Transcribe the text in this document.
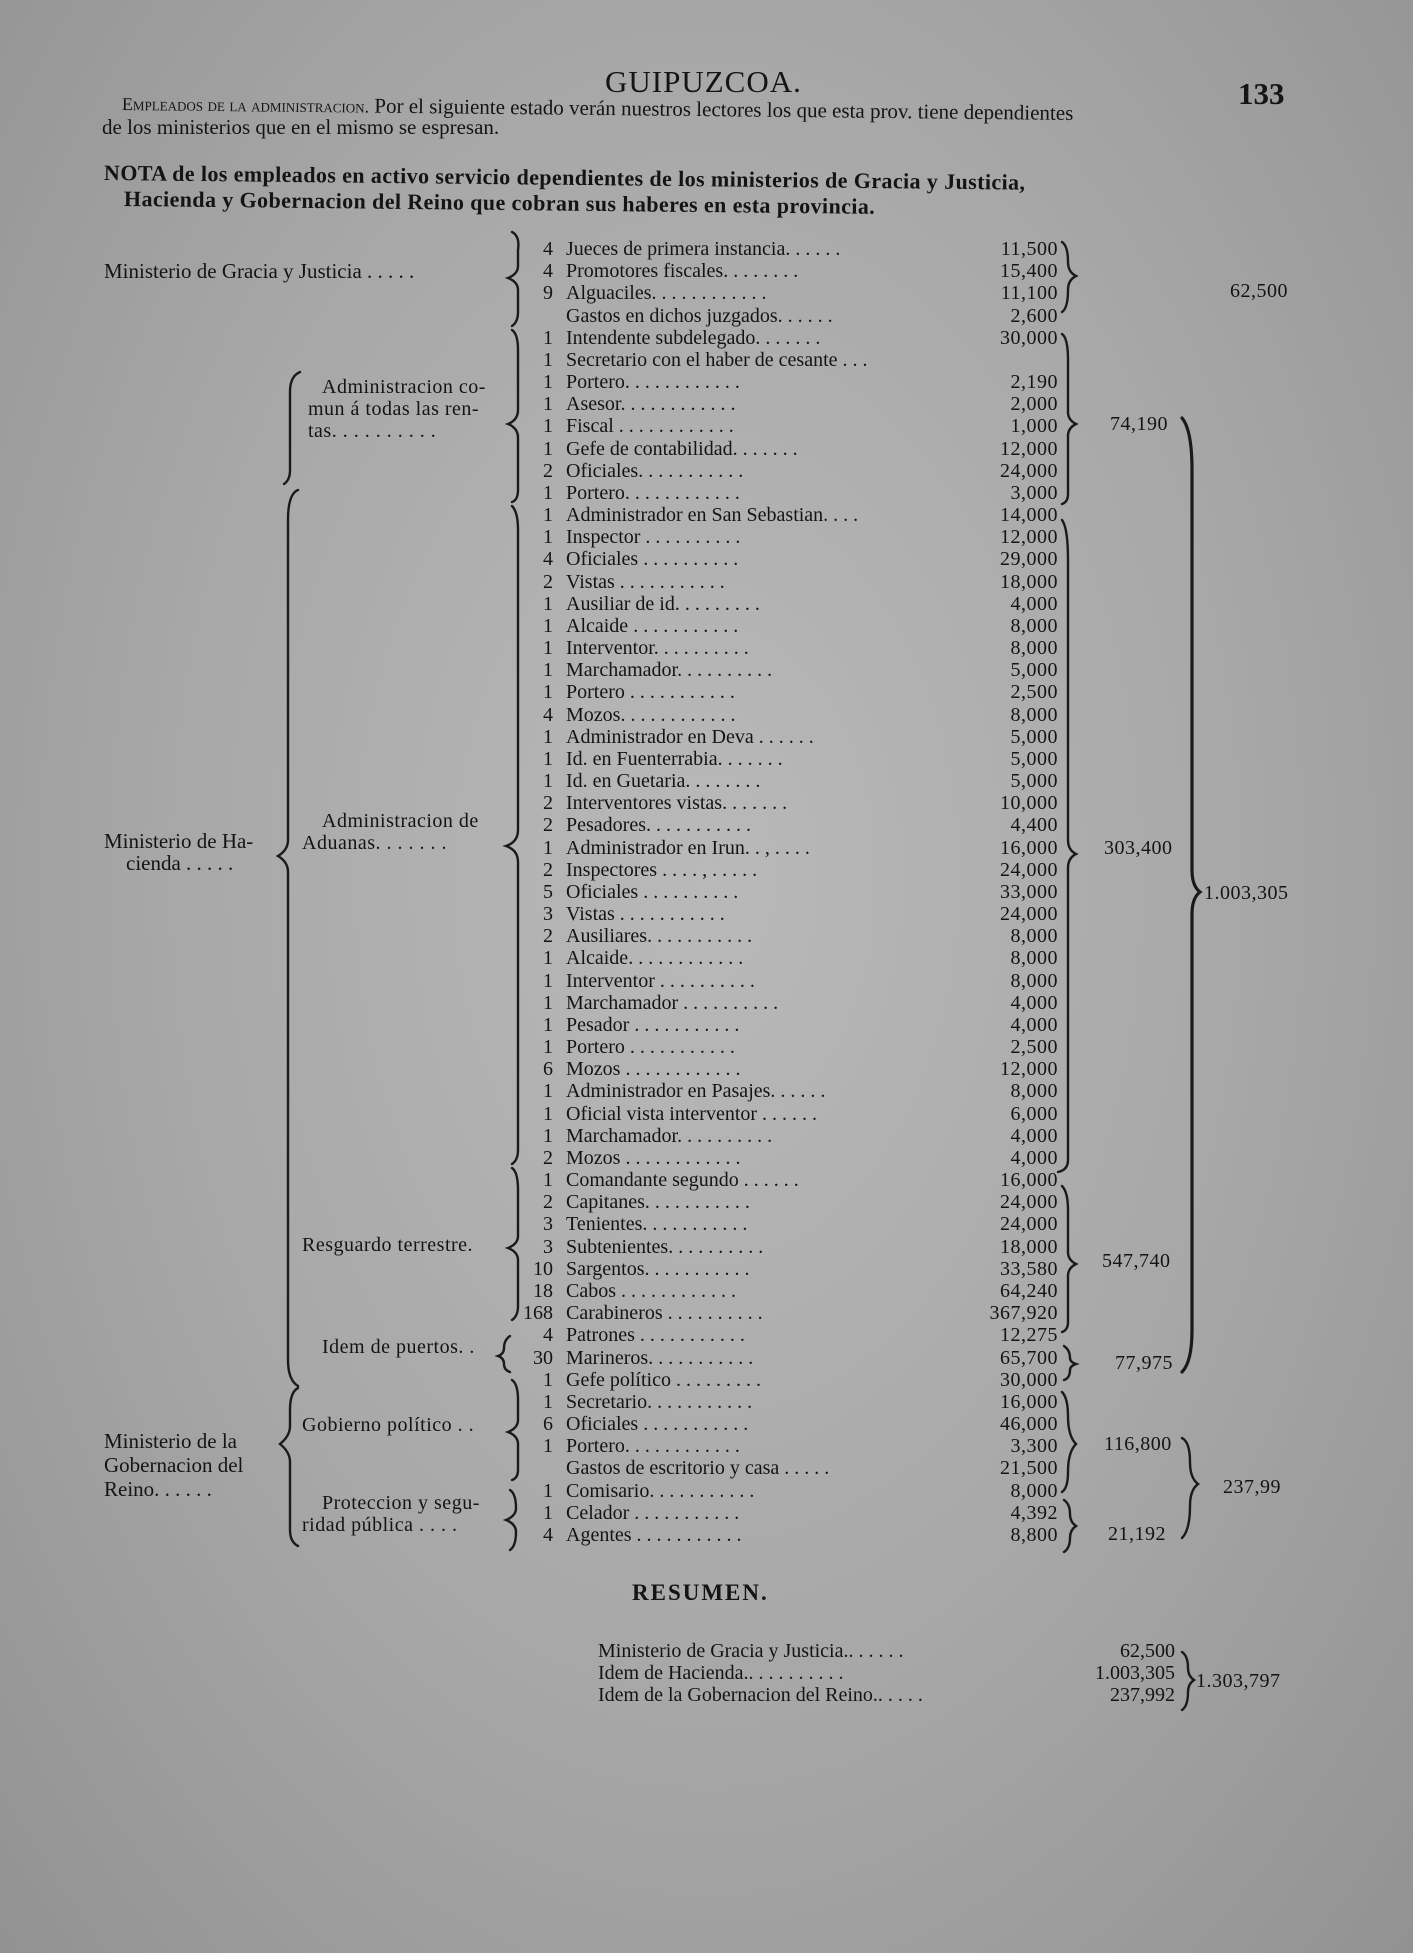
GUIPUZCOA.	133
Empleados de la administracion. Por el siguiente estado verán nuestros lectores los que esta prov. tiene dependientes
de los ministerios que en el mismo se espresan.
NOTA de los empleados en activo servicio dependientes de los ministerios de Gracia y Justicia,
Hacienda y Gobernacion del Reino que cobran sus haberes en esta provincia.
Ministerio de Gracia y Justicia . . . . .
Ministerio de Ha-
cienda . . . . .
Ministerio de la
Gobernacion del
Reino. . . . . .
Administracion co-
mun á todas las ren-
tas. . . . . . . . . .
Administracion de
Aduanas. . . . . . .
Resguardo terrestre.
Idem de puertos. .
Gobierno político . .
Proteccion y segu-
ridad pública . . . .
4 Jueces de primera instancia. . . . . .	11,500
4 Promotores fiscales. . . . . . . .	15,400
9 Alguaciles. . . . . . . . . . . .	11,100
Gastos en dichos juzgados. . . . . .	2,600
1 Intendente subdelegado. . . . . . .	30,000
1 Secretario con el haber de cesante . . .
1 Portero. . . . . . . . . . . .	2,190
1 Asesor. . . . . . . . . . . .	2,000
1 Fiscal . . . . . . . . . . . .	1,000
1 Gefe de contabilidad. . . . . . .	12,000
2 Oficiales. . . . . . . . . . .	24,000
1 Portero. . . . . . . . . . . .	3,000
1 Administrador en San Sebastian. . . .	14,000
1 Inspector . . . . . . . . . .	12,000
4 Oficiales . . . . . . . . . .	29,000
2 Vistas . . . . . . . . . . .	18,000
1 Ausiliar de id. . . . . . . . .	4,000
1 Alcaide . . . . . . . . . . .	8,000
1 Interventor. . . . . . . . . .	8,000
1 Marchamador. . . . . . . . . .	5,000
1 Portero . . . . . . . . . . .	2,500
4 Mozos. . . . . . . . . . . .	8,000
1 Administrador en Deva . . . . . .	5,000
1 Id. en Fuenterrabia. . . . . . .	5,000
1 Id. en Guetaria. . . . . . . .	5,000
2 Interventores vistas. . . . . . .	10,000
2 Pesadores. . . . . . . . . . .	4,400
1 Administrador en Irun. . , . . . .	16,000
2 Inspectores . . . . , . . . . .	24,000
5 Oficiales . . . . . . . . . .	33,000
3 Vistas . . . . . . . . . . .	24,000
2 Ausiliares. . . . . . . . . . .	8,000
1 Alcaide. . . . . . . . . . . .	8,000
1 Interventor . . . . . . . . . .	8,000
1 Marchamador . . . . . . . . . .	4,000
1 Pesador . . . . . . . . . . .	4,000
1 Portero . . . . . . . . . . .	2,500
6 Mozos . . . . . . . . . . . .	12,000
1 Administrador en Pasajes. . . . . .	8,000
1 Oficial vista interventor . . . . . .	6,000
1 Marchamador. . . . . . . . . .	4,000
2 Mozos . . . . . . . . . . . .	4,000
1 Comandante segundo . . . . . .	16,000
2 Capitanes. . . . . . . . . . .	24,000
3 Tenientes. . . . . . . . . . .	24,000
3 Subtenientes. . . . . . . . . .	18,000
10 Sargentos. . . . . . . . . . .	33,580
18 Cabos . . . . . . . . . . . .	64,240
168 Carabineros . . . . . . . . . .	367,920
4 Patrones . . . . . . . . . . .	12,275
30 Marineros. . . . . . . . . . .	65,700
1 Gefe político . . . . . . . . .	30,000
1 Secretario. . . . . . . . . . .	16,000
6 Oficiales . . . . . . . . . . .	46,000
1 Portero. . . . . . . . . . . .	3,300
Gastos de escritorio y casa . . . . .	21,500
1 Comisario. . . . . . . . . . .	8,000
1 Celador . . . . . . . . . . .	4,392
4 Agentes . . . . . . . . . . .	8,800
62,500
74,190
303,400
1.003,305
547,740
77,975
116,800
237,99
21,192
RESUMEN.
Ministerio de Gracia y Justicia.. . . . . .	62,500
Idem de Hacienda.. . . . . . . . . .	1.003,305
Idem de la Gobernacion del Reino.. . . . .	237,992
1.303,797
